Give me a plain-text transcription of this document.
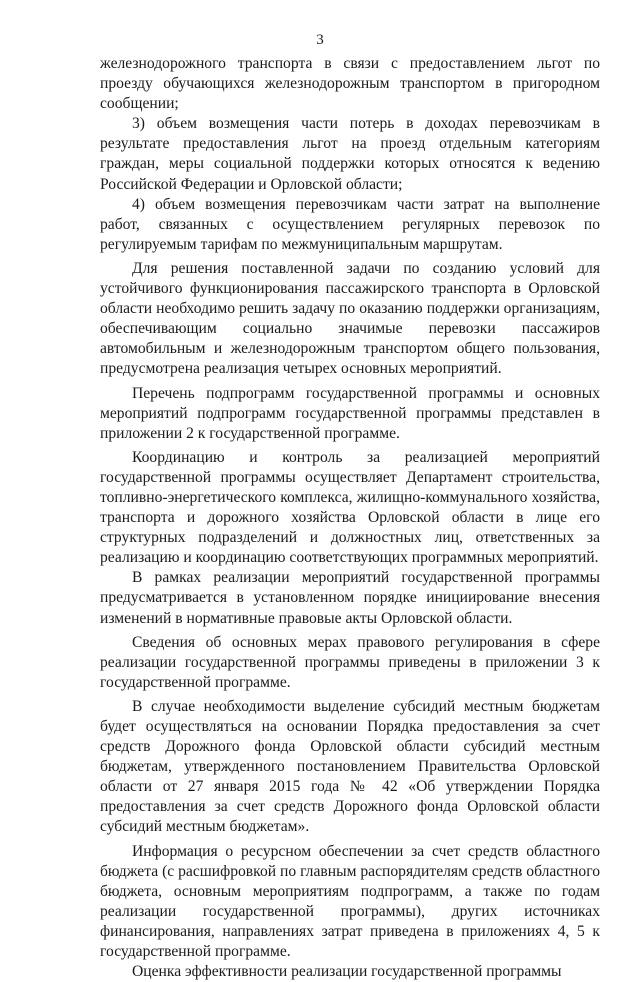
3

железнодорожного транспорта в связи с предоставлением льгот по проезду обучающихся железнодорожным транспортом в пригородном сообщении;

3) объем возмещения части потерь в доходах перевозчикам в результате предоставления льгот на проезд отдельным категориям граждан, меры социальной поддержки которых относятся к ведению Российской Федерации и Орловской области;

4) объем возмещения перевозчикам части затрат на выполнение работ, связанных с осуществлением регулярных перевозок по регулируемым тарифам по межмуниципальным маршрутам.

Для решения поставленной задачи по созданию условий для устойчивого функционирования пассажирского транспорта в Орловской области необходимо решить задачу по оказанию поддержки организациям, обеспечивающим социально значимые перевозки пассажиров автомобильным и железнодорожным транспортом общего пользования, предусмотрена реализация четырех основных мероприятий.

Перечень подпрограмм государственной программы и основных мероприятий подпрограмм государственной программы представлен в приложении 2 к государственной программе.

Координацию и контроль за реализацией мероприятий государственной программы осуществляет Департамент строительства, топливно-энергетического комплекса, жилищно-коммунального хозяйства, транспорта и дорожного хозяйства Орловской области в лице его структурных подразделений и должностных лиц, ответственных за реализацию и координацию соответствующих программных мероприятий.

В рамках реализации мероприятий государственной программы предусматривается в установленном порядке инициирование внесения изменений в нормативные правовые акты Орловской области.

Сведения об основных мерах правового регулирования в сфере реализации государственной программы приведены в приложении 3 к государственной программе.

В случае необходимости выделение субсидий местным бюджетам будет осуществляться на основании Порядка предоставления за счет средств Дорожного фонда Орловской области субсидий местным бюджетам, утвержденного постановлением Правительства Орловской области от 27 января 2015 года № 42 «Об утверждении Порядка предоставления за счет средств Дорожного фонда Орловской области субсидий местным бюджетам».

Информация о ресурсном обеспечении за счет средств областного бюджета (с расшифровкой по главным распорядителям средств областного бюджета, основным мероприятиям подпрограмм, а также по годам реализации государственной программы), других источниках финансирования, направлениях затрат приведена в приложениях 4, 5 к государственной программе.

Оценка эффективности реализации государственной программы
